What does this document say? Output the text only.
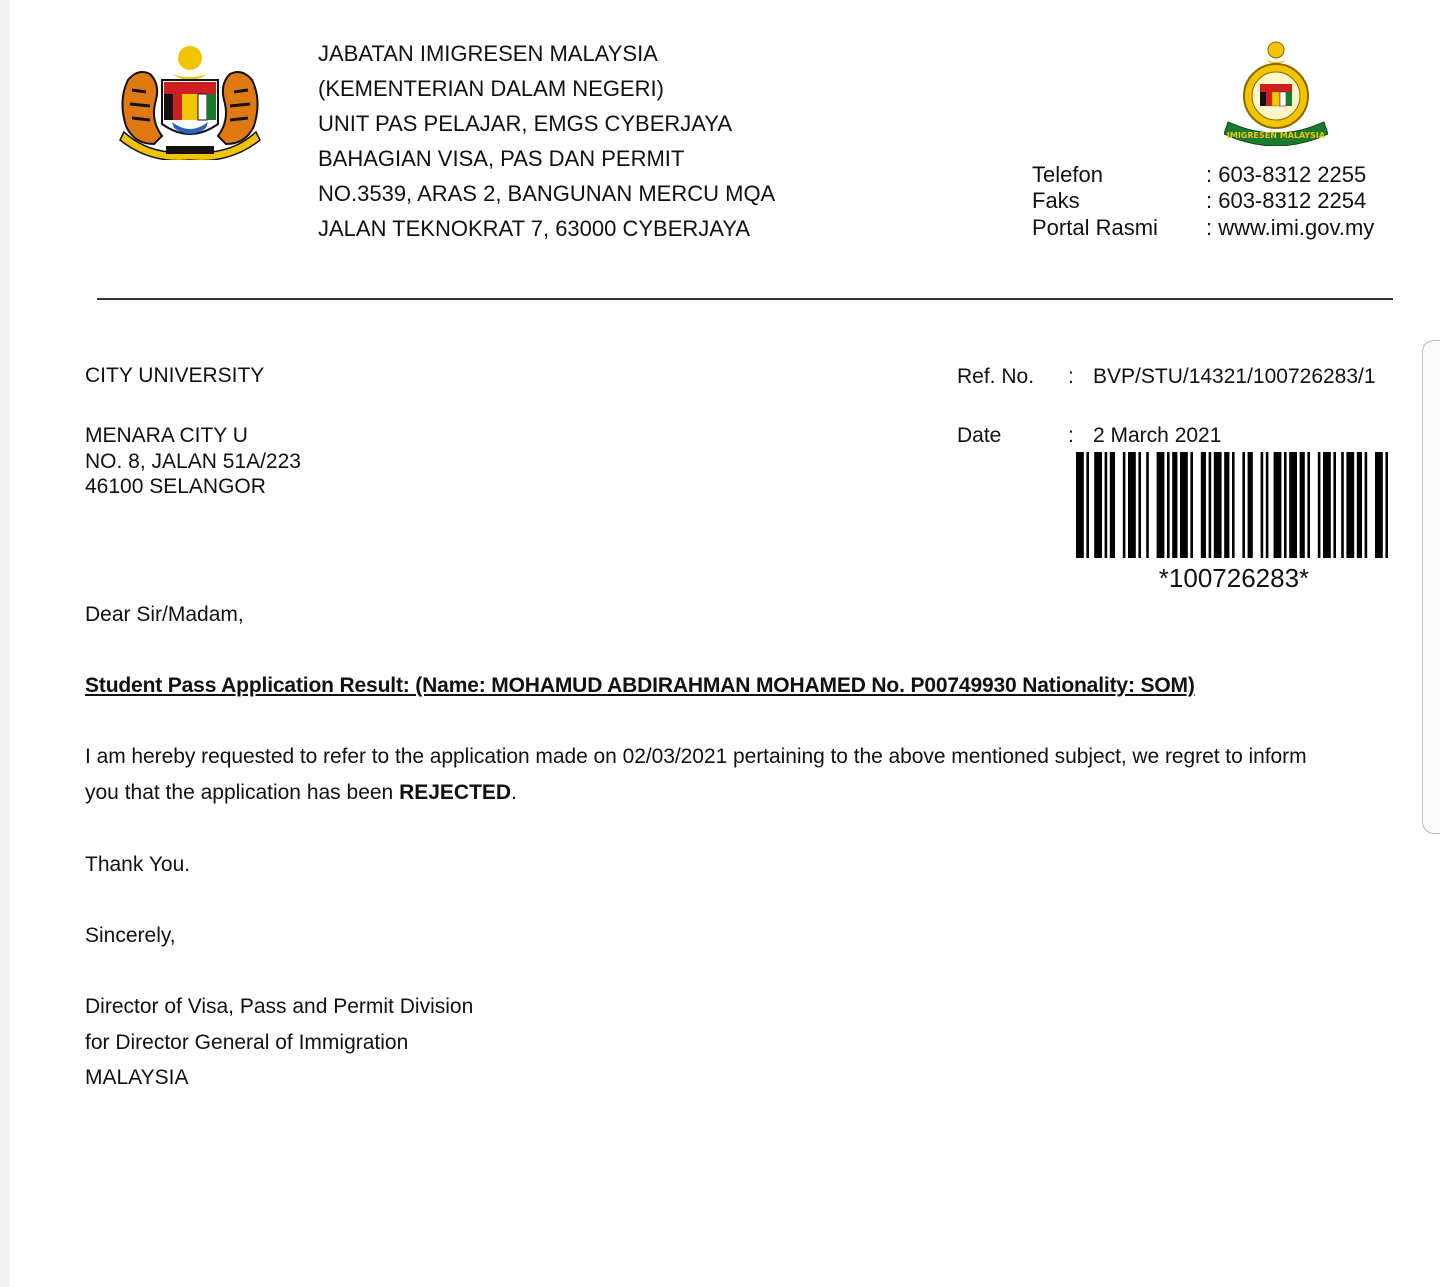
JABATAN IMIGRESEN MALAYSIA
(KEMENTERIAN DALAM NEGERI)
UNIT PAS PELAJAR, EMGS CYBERJAYA
BAHAGIAN VISA, PAS DAN PERMIT
NO.3539, ARAS 2, BANGUNAN MERCU MQA
JALAN TEKNOKRAT 7, 63000 CYBERJAYA
IMIGRESEN MALAYSIA
Telefon	: 603-8312 2255
Faks	: 603-8312 2254
Portal Rasmi : www.imi.gov.my
CITY UNIVERSITY
MENARA CITY U
NO. 8, JALAN 51A/223
46100 SELANGOR
Ref. No. : BVP/STU/14321/100726283/1
Date	: 2 March 2021
*100726283*
Dear Sir/Madam,
Student Pass Application Result: (Name: MOHAMUD ABDIRAHMAN MOHAMED No. P00749930 Nationality: SOM)
I am hereby requested to refer to the application made on 02/03/2021 pertaining to the above mentioned subject, we regret to inform
you that the application has been REJECTED.
Thank You.
Sincerely,
Director of Visa, Pass and Permit Division
for Director General of Immigration
MALAYSIA
